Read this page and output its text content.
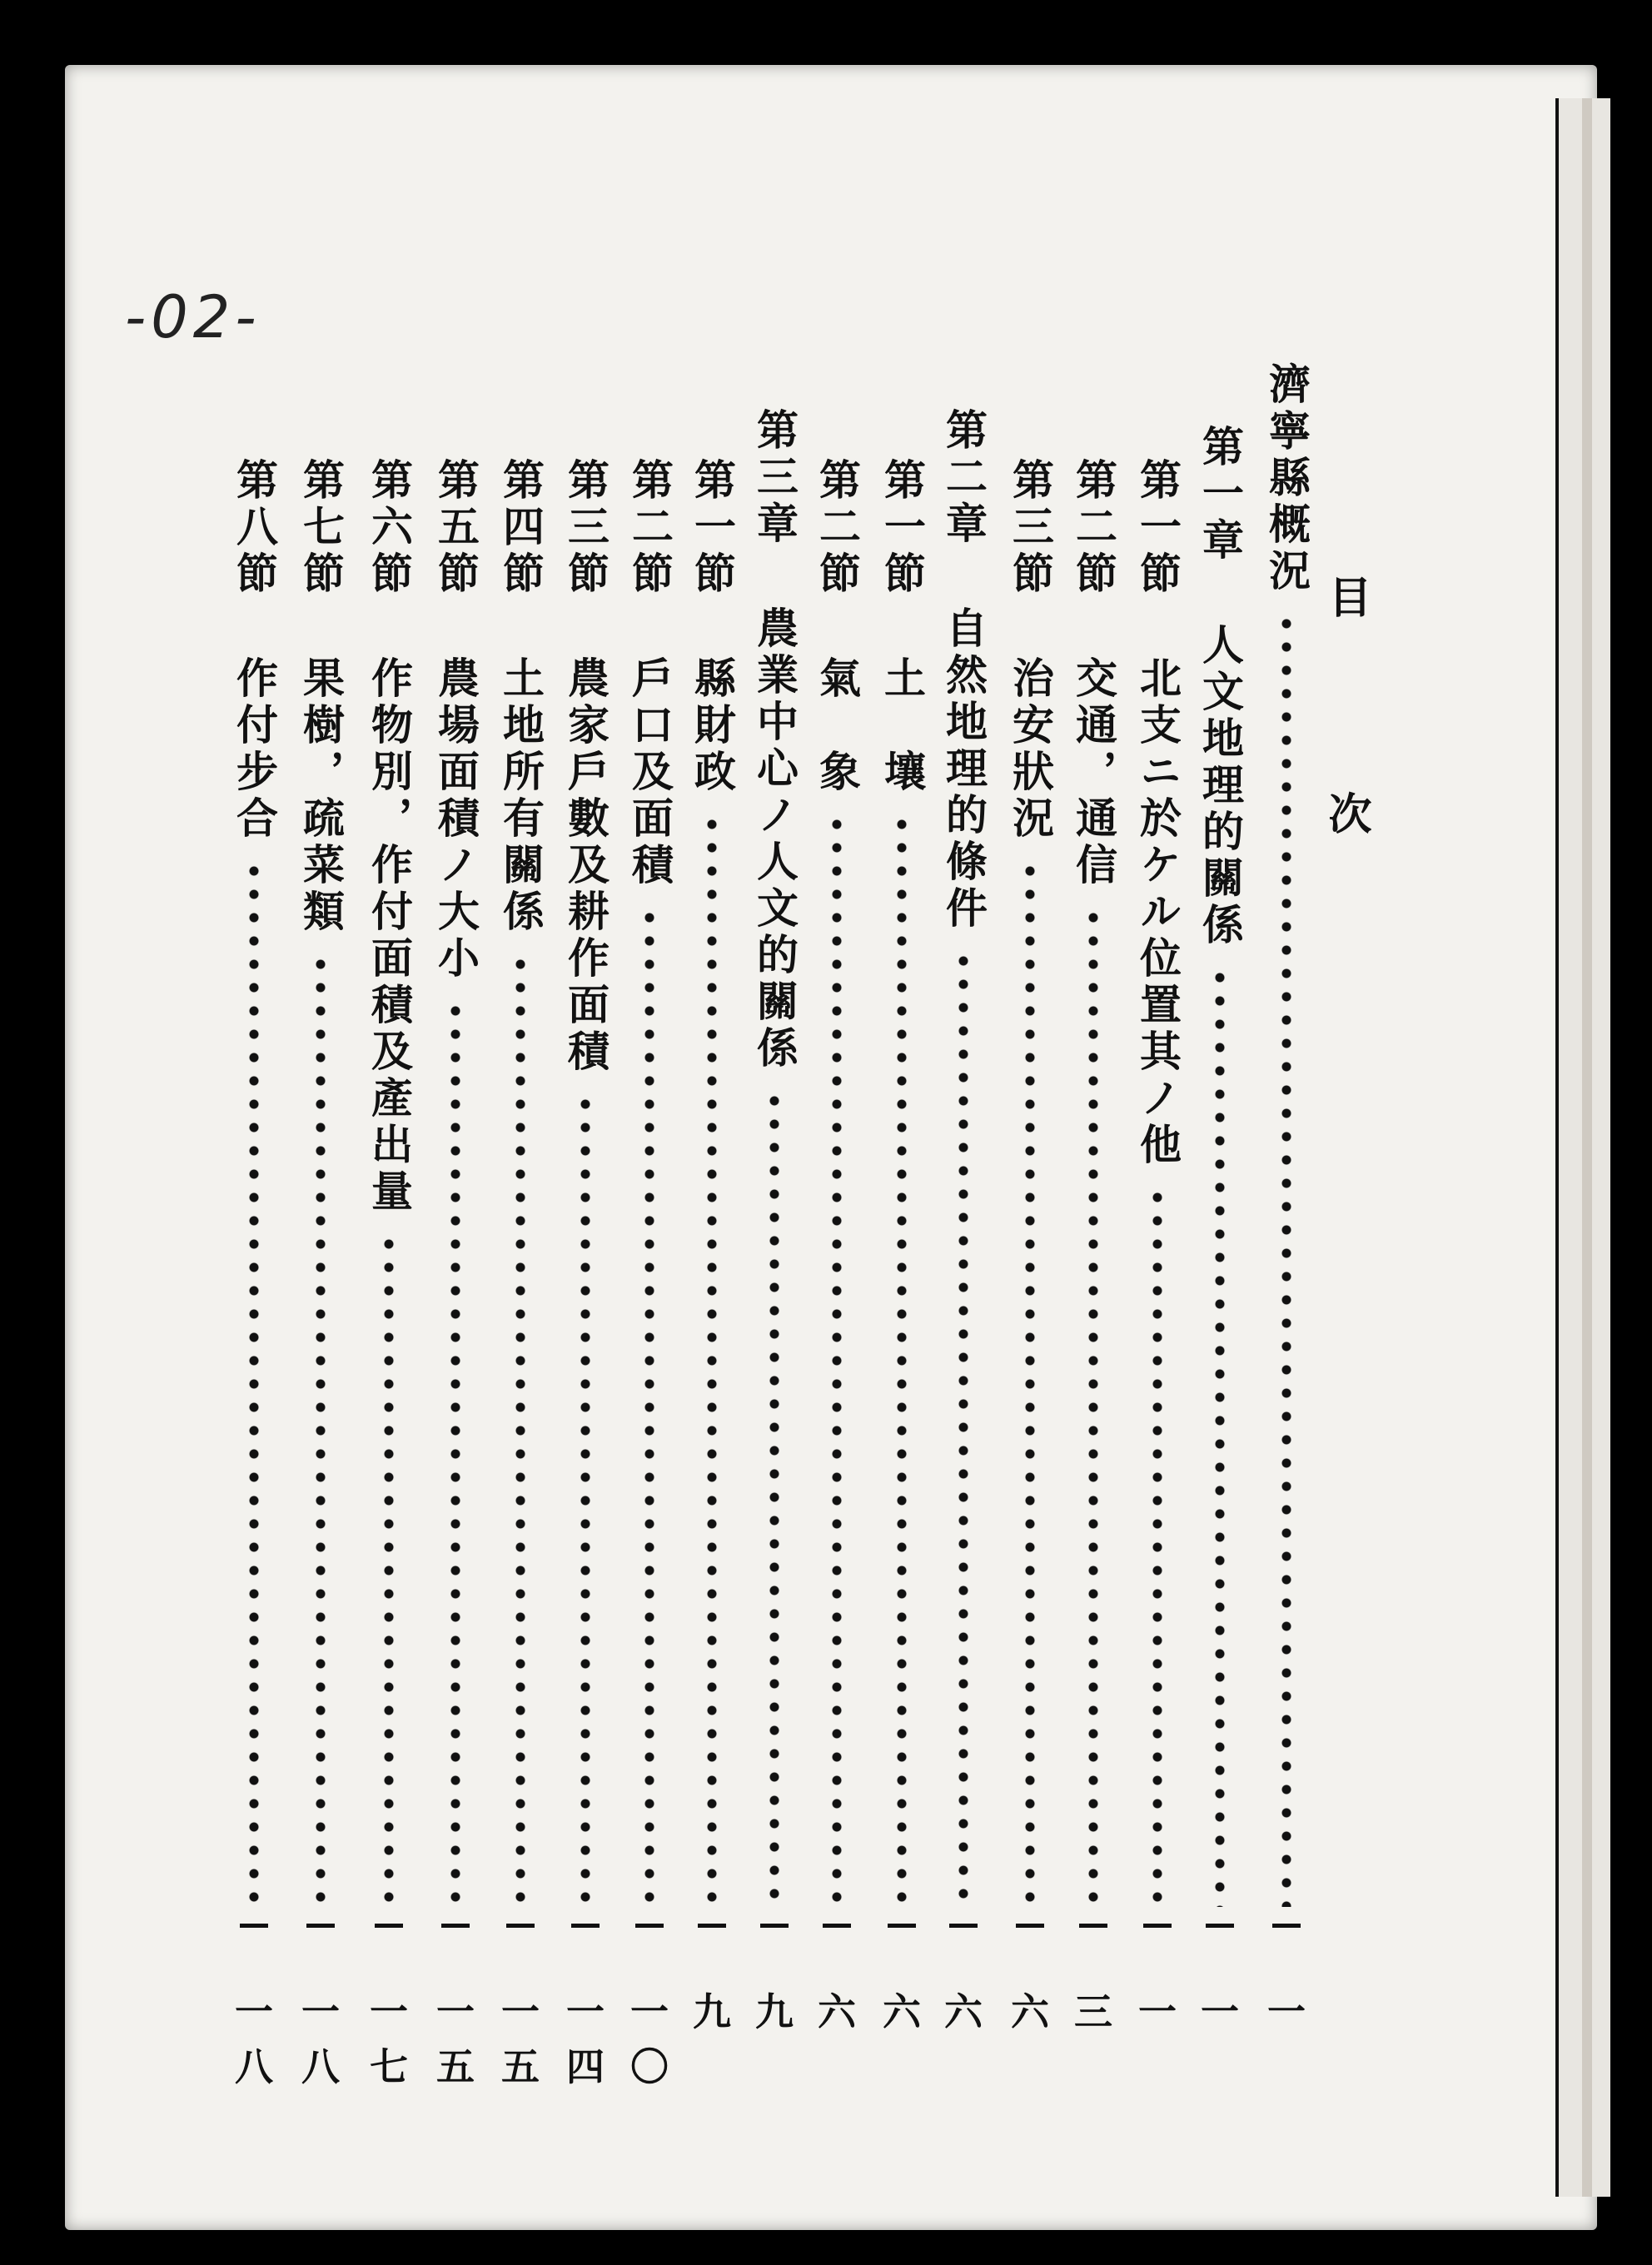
-02-
目
次
濟寧縣概況
一
第一章
人文地理的關係
一
第一節
北支ニ於ケル位置其ノ他
一
第二節
交通，通信
三
第三節
治安狀況
六
第二章
自然地理的條件
六
第一節
土　壤
六
第二節
氣　象
六
第三章
農業中心ノ人文的關係
九
第一節
縣財政
九
第二節
戶口及面積
一〇
第三節
農家戶數及耕作面積
一四
第四節
土地所有關係
一五
第五節
農場面積ノ大小
一五
第六節
作物別，作付面積及產出量
一七
第七節
果樹，疏菜類
一八
第八節
作付步合
一八
